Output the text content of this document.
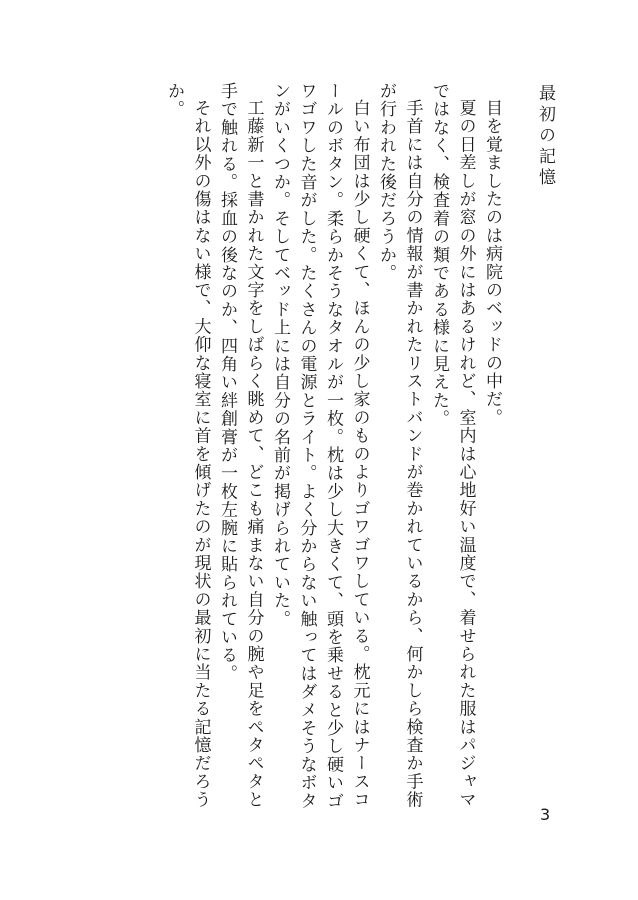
最初の記憶

目を覚ましたのは病院のベッドの中だ。

夏の日差しが窓の外にはあるけれど、室内は心地好い温度で、着せられた服はパジャマではなく、検査着の類である様に見えた。

手首には自分の情報が書かれたリストバンドが巻かれているから、何かしら検査か手術が行われた後だろうか。

白い布団は少し硬くて、ほんの少し家のものよりゴワゴワしている。枕元にはナースコールのボタン。柔らかそうなタオルが一枚。枕は少し大きくて、頭を乗せると少し硬いゴワゴワした音がした。たくさんの電源とライト。よく分からない触ってはダメそうなボタンがいくつか。そしてベッド上には自分の名前が掲げられていた。

工藤新一と書かれた文字をしばらく眺めて、どこも痛まない自分の腕や足をペタペタと手で触れる。採血の後なのか、四角い絆創膏が一枚左腕に貼られている。

それ以外の傷はない様で、大仰な寝室に首を傾げたのが現状の最初に当たる記憶だろうか。

3
